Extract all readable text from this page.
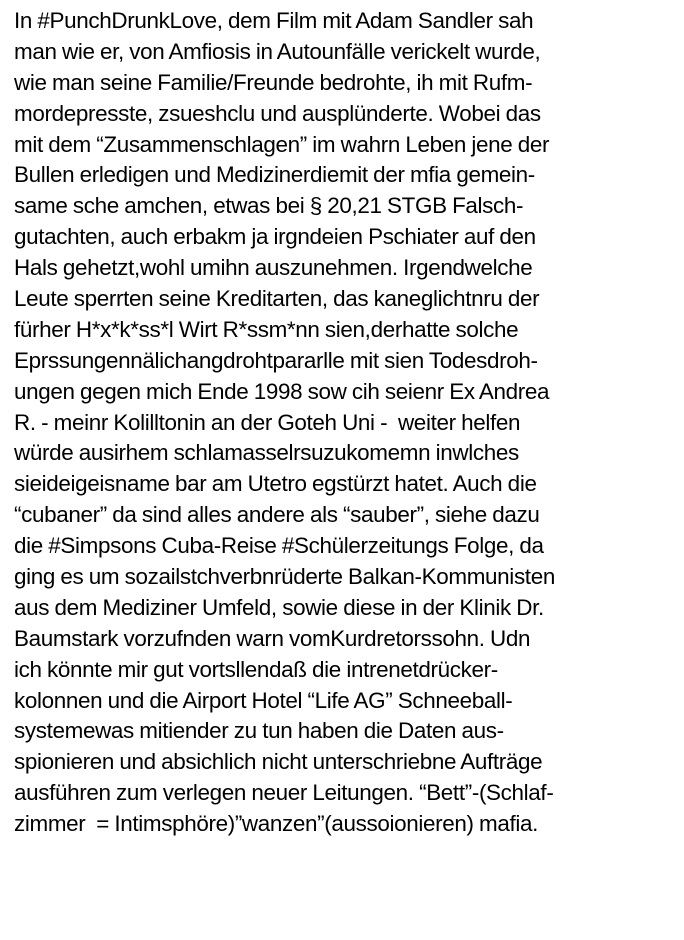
In #PunchDrunkLove, dem Film mit Adam Sandler sah
man wie er, von Amfiosis in Autounfälle verickelt wurde,
wie man seine Familie/Freunde bedrohte, ih mit Rufm-
mordepresste, zsueshclu und ausplünderte. Wobei das
mit dem “Zusammenschlagen” im wahrn Leben jene der
Bullen erledigen und Medizinerdiemit der mfia gemein-
same sche amchen, etwas bei § 20,21 STGB Falsch-
gutachten, auch erbakm ja irgndeien Pschiater auf den
Hals gehetzt,wohl umihn auszunehmen. Irgendwelche
Leute sperrten seine Kreditarten, das kaneglichtnru der
fürher H*x*k*ss*l Wirt R*ssm*nn sien,derhatte solche
Eprssungennälichangdrohtpararlle mit sien Todesdroh-
ungen gegen mich Ende 1998 sow cih seienr Ex Andrea
R. - meinr Kolilltonin an der Goteh Uni -  weiter helfen
würde ausirhem schlamasselrsuzukomemn inwlches
sieideigeisname bar am Utetro egstürzt hatet. Auch die
“cubaner” da sind alles andere als “sauber”, siehe dazu
die #Simpsons Cuba-Reise #Schülerzeitungs Folge, da
ging es um sozailstchverbnrüderte Balkan-Kommunisten
aus dem Mediziner Umfeld, sowie diese in der Klinik Dr.
Baumstark vorzufnden warn vomKurdretorssohn. Udn
ich könnte mir gut vortsllendaß die intrenetdrücker-
kolonnen und die Airport Hotel “Life AG” Schneeball-
systemewas mitiender zu tun haben die Daten aus-
spionieren und absichlich nicht unterschriebne Aufträge
ausführen zum verlegen neuer Leitungen. “Bett”-(Schlaf-
zimmer  = Intimsphöre)”wanzen”(aussoionieren) mafia.
